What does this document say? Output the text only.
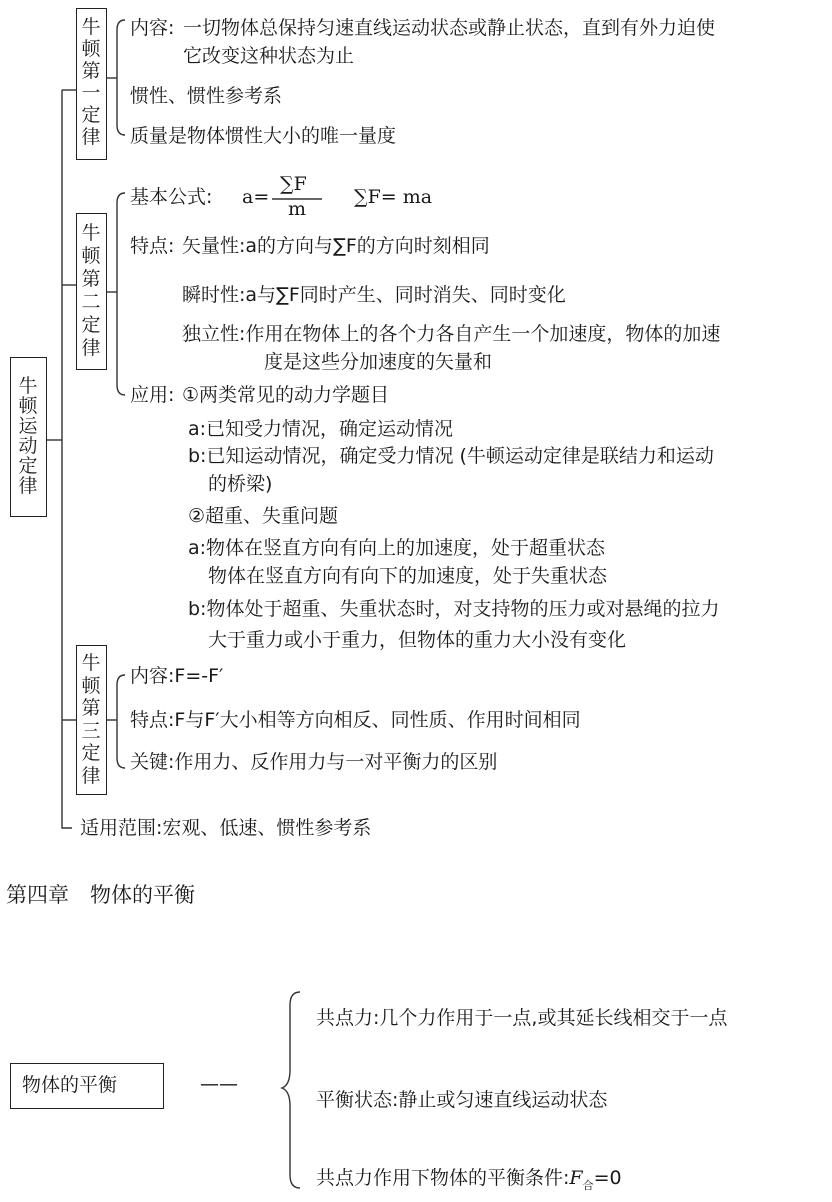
牛顿运动定律
牛顿第一定律
内容: 一切物体总保持匀速直线运动状态或静止状态，直到有外力迫使
它改变这种状态为止
惯性、惯性参考系
质量是物体惯性大小的唯一量度
牛顿第二定律
基本公式: a=
∑F
m
∑F= ma
特点: 矢量性:a的方向与∑F的方向时刻相同
瞬时性:a与∑F同时产生、同时消失、同时变化
独立性:作用在物体上的各个力各自产生一个加速度，物体的加速
度是这些分加速度的矢量和
应用: ①两类常见的动力学题目
a:已知受力情况，确定运动情况
b:已知运动情况，确定受力情况 (牛顿运动定律是联结力和运动
的桥梁)
②超重、失重问题
a:物体在竖直方向有向上的加速度，处于超重状态
物体在竖直方向有向下的加速度，处于失重状态
b:物体处于超重、失重状态时，对支持物的压力或对悬绳的拉力
大于重力或小于重力，但物体的重力大小没有变化
牛顿第三定律
内容:F=-F′
特点:F与F′大小相等方向相反、同性质、作用时间相同
关键:作用力、反作用力与一对平衡力的区别
适用范围:宏观、低速、惯性参考系
第四章　物体的平衡
物体的平衡	——
共点力:几个力作用于一点,或其延长线相交于一点
平衡状态:静止或匀速直线运动状态
共点力作用下物体的平衡条件$:F_合=0$
